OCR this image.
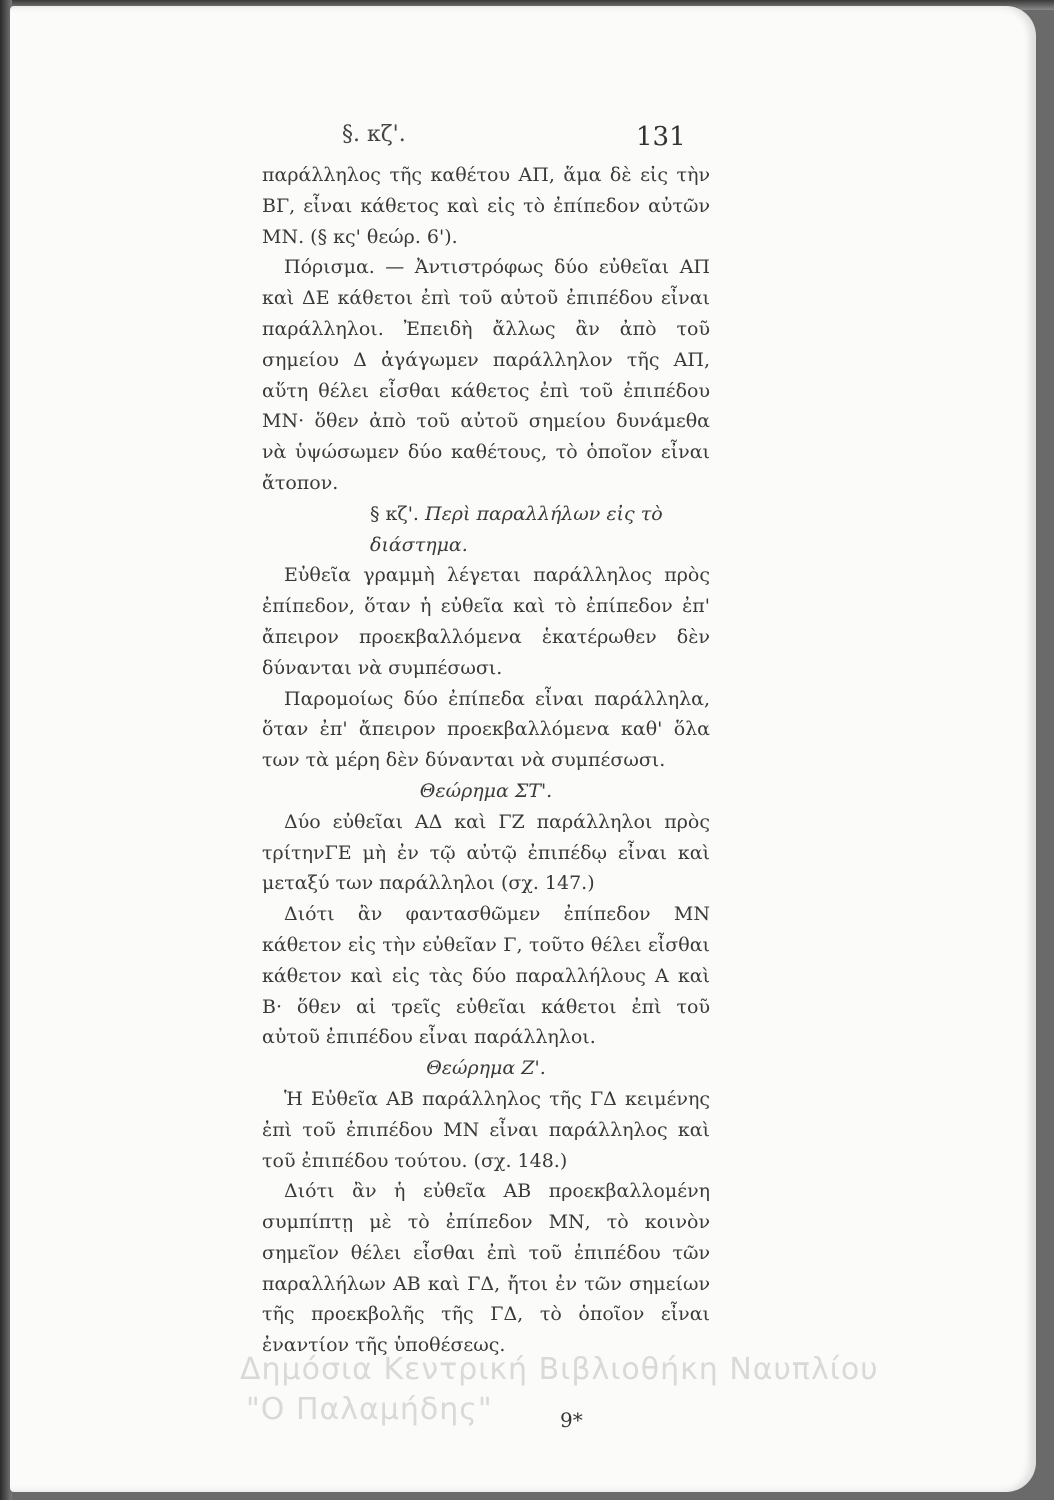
§. κζ'.	131

παράλληλος τῆς καθέτου ΑΠ, ἅμα δὲ εἰς τὴν ΒΓ, εἶναι κάθετος καὶ εἰς τὸ ἐπίπεδον αὐτῶν ΜΝ. (§ κς' θεώρ. 6').

Πόρισμα. — Ἀντιστρόφως δύο εὐθεῖαι ΑΠ καὶ ΔΕ κάθετοι ἐπὶ τοῦ αὐτοῦ ἐπιπέδου εἶναι παράλληλοι. Ἐπειδὴ ἄλλως ἂν ἀπὸ τοῦ σημείου Δ ἀγάγωμεν παράλληλον τῆς ΑΠ, αὕτη θέλει εἶσθαι κάθετος ἐπὶ τοῦ ἐπιπέδου ΜΝ· ὅθεν ἀπὸ τοῦ αὐτοῦ σημείου δυνάμεθα νὰ ὑψώσωμεν δύο καθέτους, τὸ ὁποῖον εἶναι ἄτοπον.

§ κζ'. Περὶ παραλλήλων εἰς τὸ διάστημα.

Εὐθεῖα γραμμὴ λέγεται παράλληλος πρὸς ἐπίπεδον, ὅταν ἡ εὐθεῖα καὶ τὸ ἐπίπεδον ἐπ' ἄπειρον προεκβαλλόμενα ἑκατέρωθεν δὲν δύνανται νὰ συμπέσωσι.

Παρομοίως δύο ἐπίπεδα εἶναι παράλληλα, ὅταν ἐπ' ἄπειρον προεκβαλλόμενα καθ' ὅλα των τὰ μέρη δὲν δύνανται νὰ συμπέσωσι.

Θεώρημα ΣΤ'.

Δύο εὐθεῖαι ΑΔ καὶ ΓΖ παράλληλοι πρὸς τρίτηνΓΕ μὴ ἐν τῷ αὐτῷ ἐπιπέδῳ εἶναι καὶ μεταξύ των παράλληλοι (σχ. 147.)

Διότι ἂν φαντασθῶμεν ἐπίπεδον ΜΝ κάθετον εἰς τὴν εὐθεῖαν Γ, τοῦτο θέλει εἶσθαι κάθετον καὶ εἰς τὰς δύο παραλλήλους Α καὶ Β· ὅθεν αἱ τρεῖς εὐθεῖαι κάθετοι ἐπὶ τοῦ αὐτοῦ ἐπιπέδου εἶναι παράλληλοι.

Θεώρημα Ζ'.

Ἡ Εὐθεῖα ΑΒ παράλληλος τῆς ΓΔ κειμένης ἐπὶ τοῦ ἐπιπέδου ΜΝ εἶναι παράλληλος καὶ τοῦ ἐπιπέδου τούτου. (σχ. 148.)

Διότι ἂν ἡ εὐθεῖα ΑΒ προεκβαλλομένη συμπίπτῃ μὲ τὸ ἐπίπεδον ΜΝ, τὸ κοινὸν σημεῖον θέλει εἶσθαι ἐπὶ τοῦ ἐπιπέδου τῶν παραλλήλων ΑΒ καὶ ΓΔ, ἤτοι ἐν τῶν σημείων τῆς προεκβολῆς τῆς ΓΔ, τὸ ὁποῖον εἶναι ἐναντίον τῆς ὑποθέσεως.

9*
Δημόσια Κεντρική Βιβλιοθήκη Ναυπλίου
"Ο Παλαμήδης"
